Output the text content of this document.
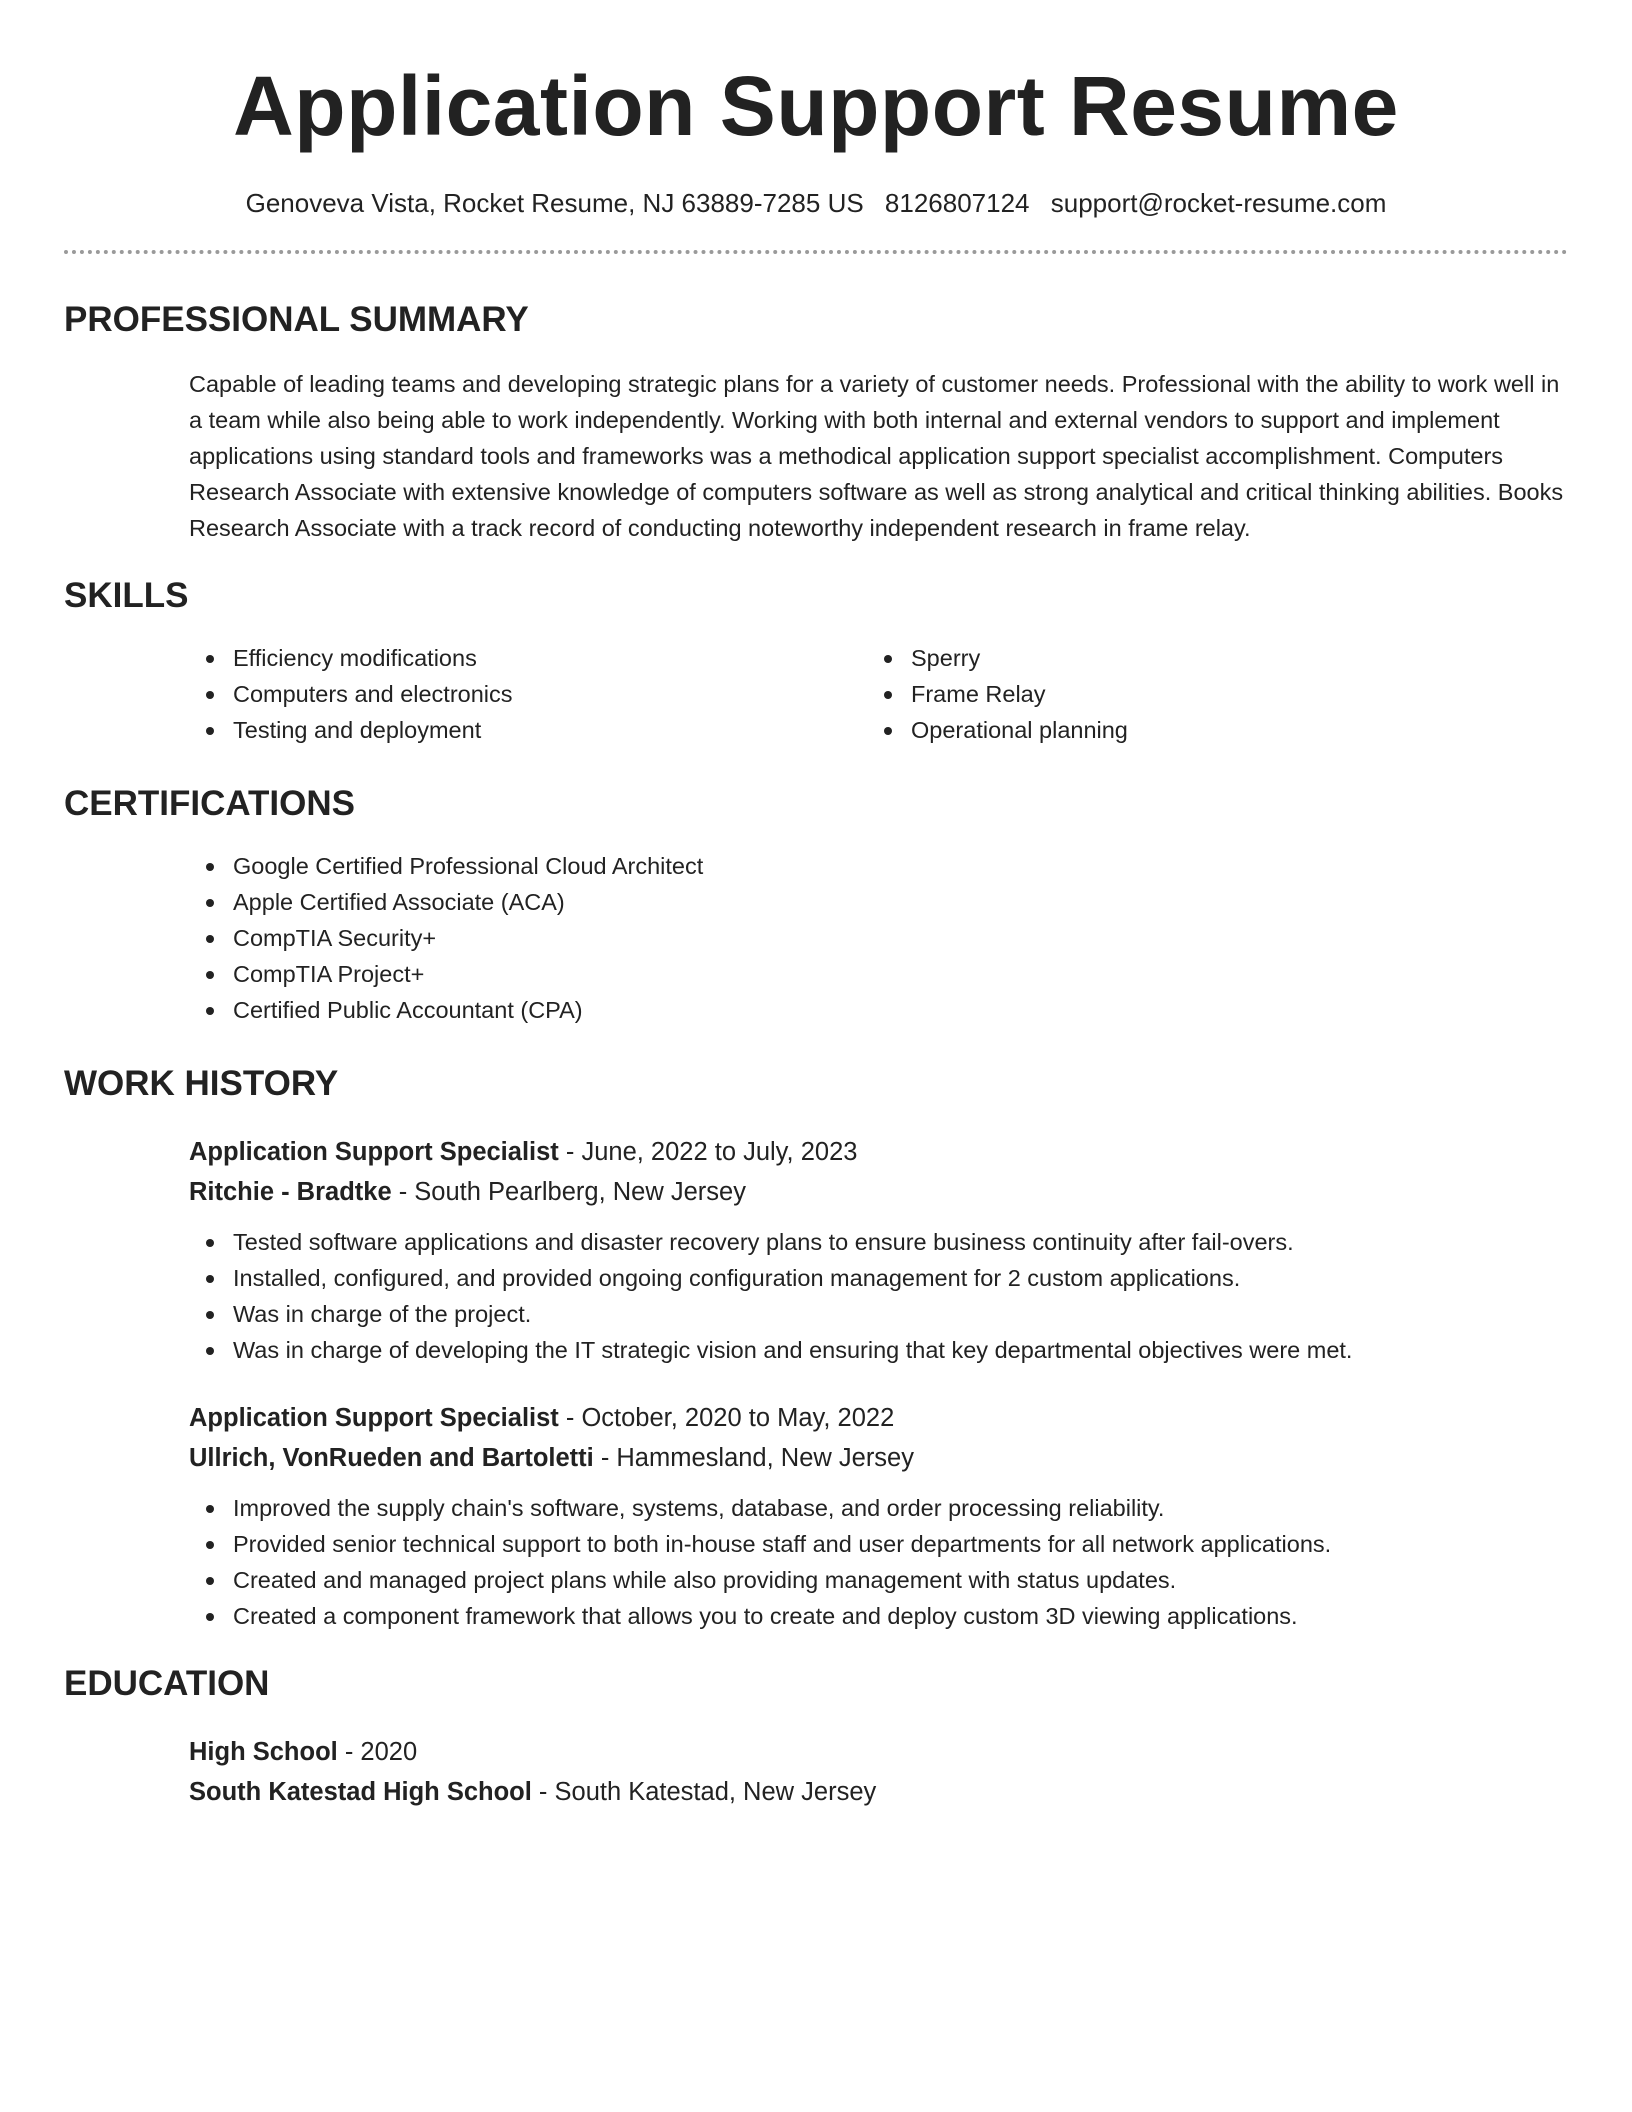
Application Support Resume
Genoveva Vista, Rocket Resume, NJ 63889-7285 US 8126807124 support@rocket-resume.com
PROFESSIONAL SUMMARY

Capable of leading teams and developing strategic plans for a variety of customer needs. Professional with the ability to work well in a team while also being able to work independently. Working with both internal and external vendors to support and implement applications using standard tools and frameworks was a methodical application support specialist accomplishment. Computers Research Associate with extensive knowledge of computers software as well as strong analytical and critical thinking abilities. Books Research Associate with a track record of conducting noteworthy independent research in frame relay.

SKILLS
Efficiency modifications
Computers and electronics
Testing and deployment
Sperry
Frame Relay
Operational planning
CERTIFICATIONS
Google Certified Professional Cloud Architect
Apple Certified Associate (ACA)
CompTIA Security+
CompTIA Project+
Certified Public Accountant (CPA)
WORK HISTORY
Application Support Specialist - June, 2022 to July, 2023
Ritchie - Bradtke - South Pearlberg, New Jersey
Tested software applications and disaster recovery plans to ensure business continuity after fail-overs.
Installed, configured, and provided ongoing configuration management for 2 custom applications.
Was in charge of the project.
Was in charge of developing the IT strategic vision and ensuring that key departmental objectives were met.
Application Support Specialist - October, 2020 to May, 2022
Ullrich, VonRueden and Bartoletti - Hammesland, New Jersey
Improved the supply chain's software, systems, database, and order processing reliability.
Provided senior technical support to both in-house staff and user departments for all network applications.
Created and managed project plans while also providing management with status updates.
Created a component framework that allows you to create and deploy custom 3D viewing applications.
EDUCATION
High School - 2020
South Katestad High School - South Katestad, New Jersey
